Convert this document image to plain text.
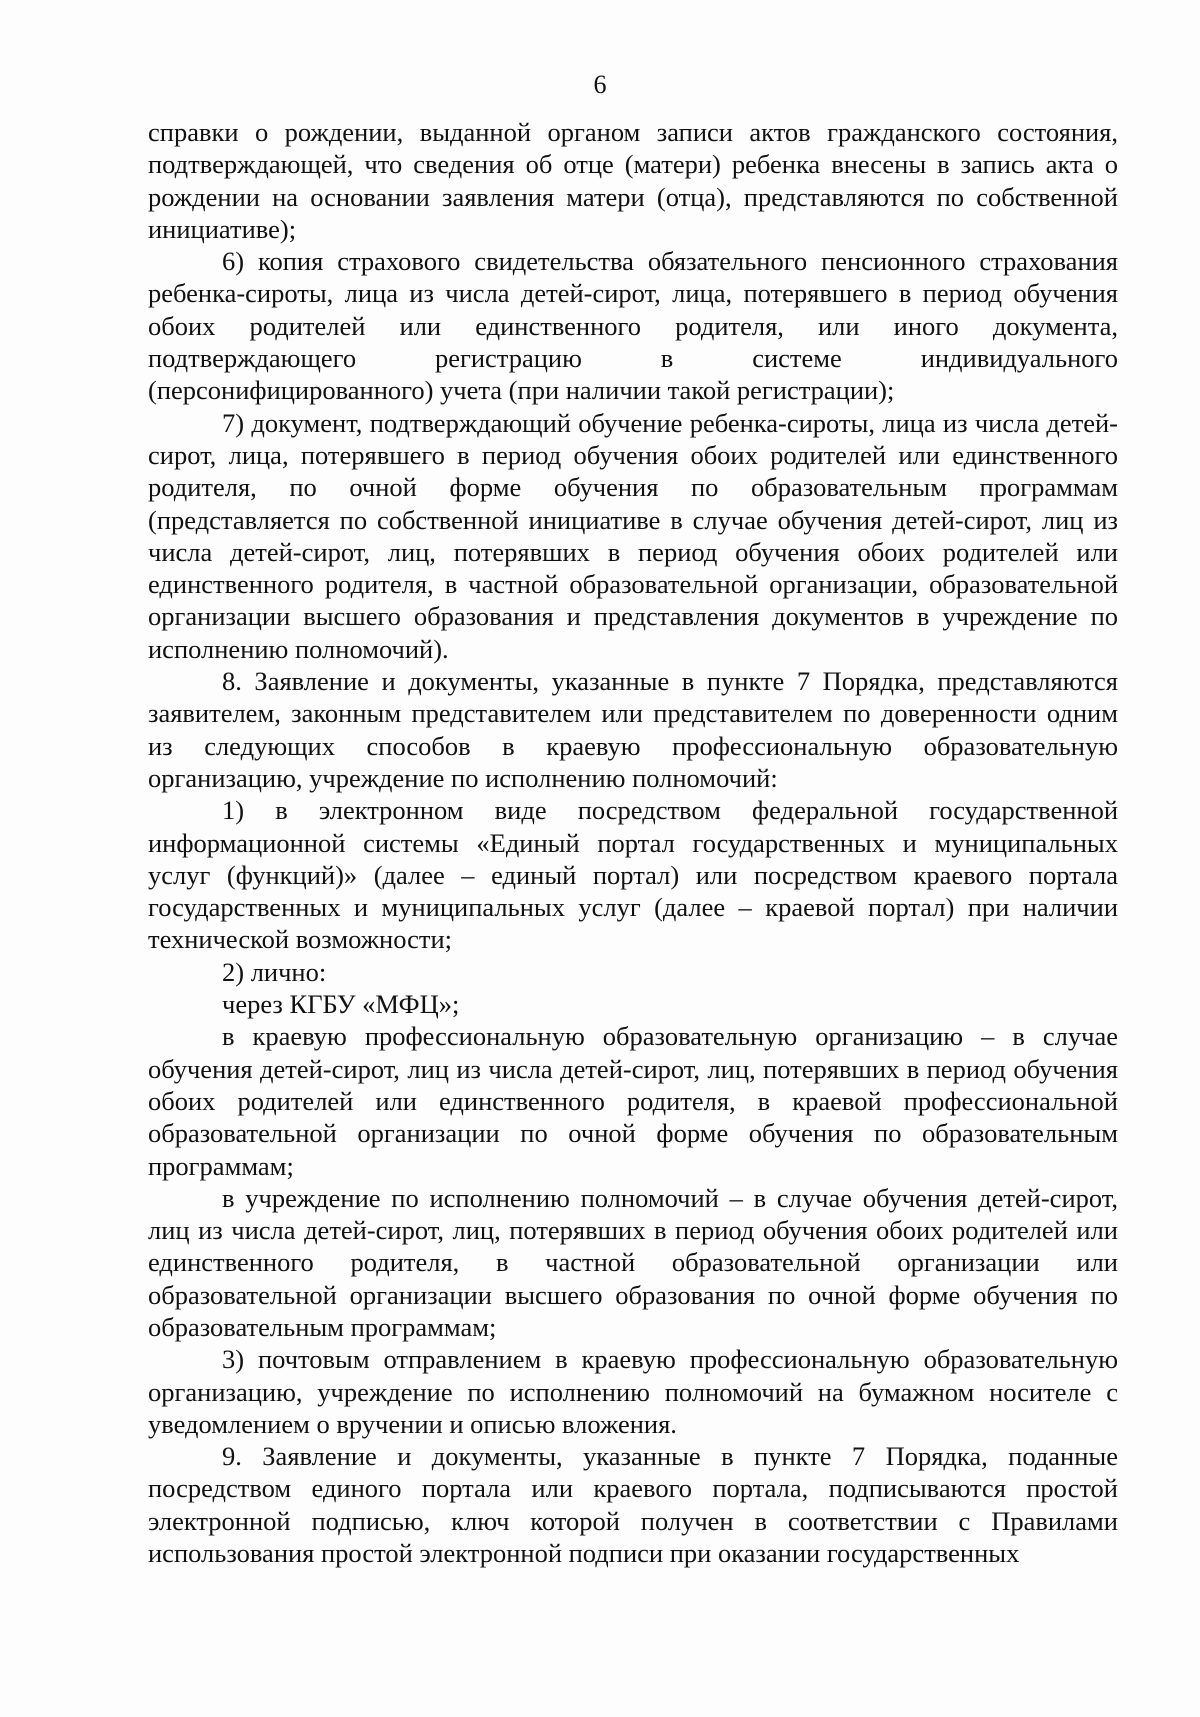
6

справки о рождении, выданной органом записи актов гражданского состояния, подтверждающей, что сведения об отце (матери) ребенка внесены в запись акта о рождении на основании заявления матери (отца), представляются по собственной инициативе);

6) копия страхового свидетельства обязательного пенсионного страхования ребенка-сироты, лица из числа детей-сирот, лица, потерявшего в период обучения обоих родителей или единственного родителя, или иного документа, подтверждающего регистрацию в системе индивидуального (персонифицированного) учета (при наличии такой регистрации);

7) документ, подтверждающий обучение ребенка-сироты, лица из числа детей-сирот, лица, потерявшего в период обучения обоих родителей или единственного родителя, по очной форме обучения по образовательным программам (представляется по собственной инициативе в случае обучения детей-сирот, лиц из числа детей-сирот, лиц, потерявших в период обучения обоих родителей или единственного родителя, в частной образовательной организации, образовательной организации высшего образования и представления документов в учреждение по исполнению полномочий).

8. Заявление и документы, указанные в пункте 7 Порядка, представляются заявителем, законным представителем или представителем по доверенности одним из следующих способов в краевую профессиональную образовательную организацию, учреждение по исполнению полномочий:

1) в электронном виде посредством федеральной государственной информационной системы «Единый портал государственных и муниципальных услуг (функций)» (далее – единый портал) или посредством краевого портала государственных и муниципальных услуг (далее – краевой портал) при наличии технической возможности;

2) лично:

через КГБУ «МФЦ»;

в краевую профессиональную образовательную организацию – в случае обучения детей-сирот, лиц из числа детей-сирот, лиц, потерявших в период обучения обоих родителей или единственного родителя, в краевой профессиональной образовательной организации по очной форме обучения по образовательным программам;

в учреждение по исполнению полномочий – в случае обучения детей-сирот, лиц из числа детей-сирот, лиц, потерявших в период обучения обоих родителей или единственного родителя, в частной образовательной организации или образовательной организации высшего образования по очной форме обучения по образовательным программам;

3) почтовым отправлением в краевую профессиональную образовательную организацию, учреждение по исполнению полномочий на бумажном носителе с уведомлением о вручении и описью вложения.

9. Заявление и документы, указанные в пункте 7 Порядка, поданные посредством единого портала или краевого портала, подписываются простой электронной подписью, ключ которой получен в соответствии с Правилами использования простой электронной подписи при оказании государственных
